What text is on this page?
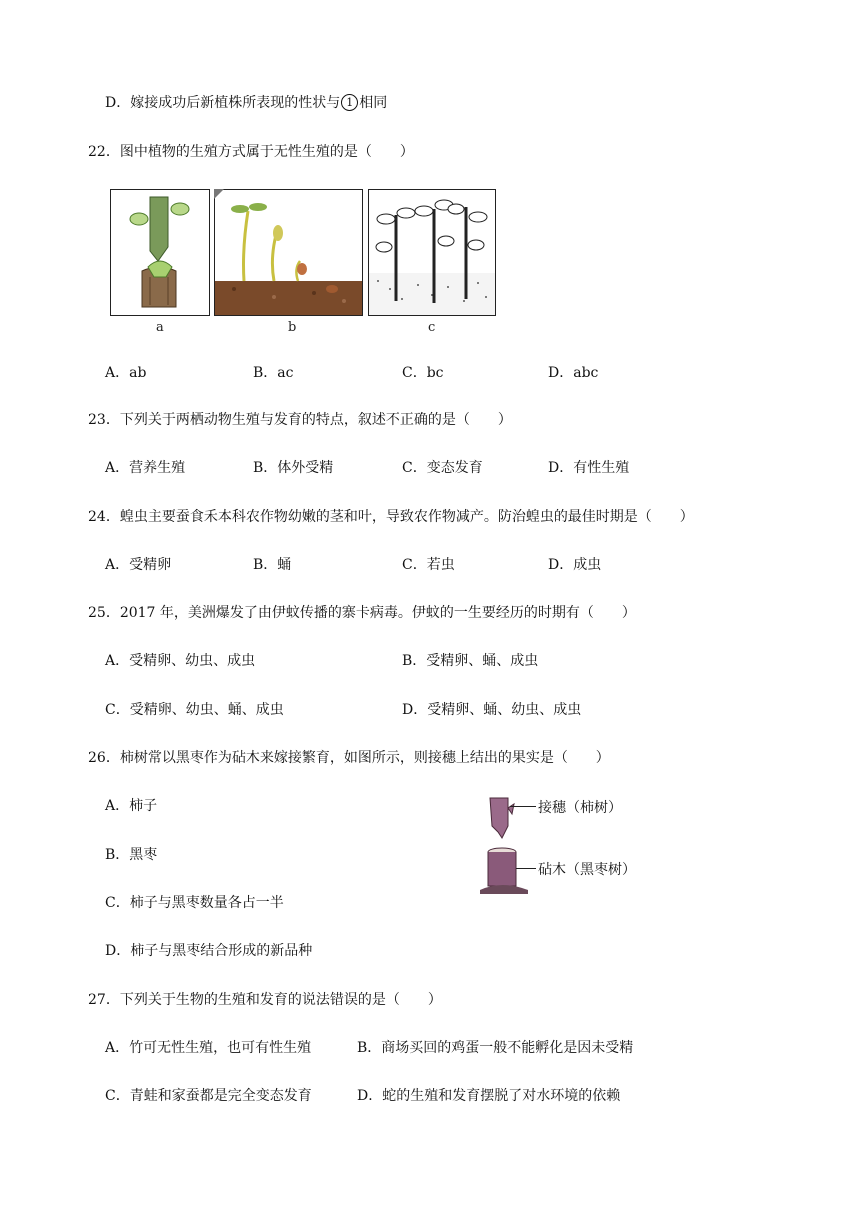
D．嫁接成功后新植株所表现的性状与 1 相同
22．图中植物的生殖方式属于无性生殖的是（　　）
a	b	c
A．ab	B．ac	C．bc	D．abc
23．下列关于两栖动物生殖与发育的特点，叙述不正确的是（　　）
A．营养生殖	B．体外受精	C．变态发育	D．有性生殖
24．蝗虫主要蚕食禾本科农作物幼嫩的茎和叶，导致农作物减产。防治蝗虫的最佳时期是（　　）
A．受精卵	B．蛹	C．若虫	D．成虫
25．2017 年，美洲爆发了由伊蚊传播的寨卡病毒。伊蚊的一生要经历的时期有（　　）
A．受精卵、幼虫、成虫	B．受精卵、蛹、成虫
C．受精卵、幼虫、蛹、成虫	D．受精卵、蛹、幼虫、成虫
26．柿树常以黑枣作为砧木来嫁接繁育，如图所示，则接穗上结出的果实是（　　）
A．柿子
B．黑枣
C．柿子与黑枣数量各占一半
D．柿子与黑枣结合形成的新品种
接穗（柿树）
砧木（黑枣树）
27．下列关于生物的生殖和发育的说法错误的是（　　）
A．竹可无性生殖，也可有性生殖	B．商场买回的鸡蛋一般不能孵化是因未受精
C．青蛙和家蚕都是完全变态发育	D．蛇的生殖和发育摆脱了对水环境的依赖
